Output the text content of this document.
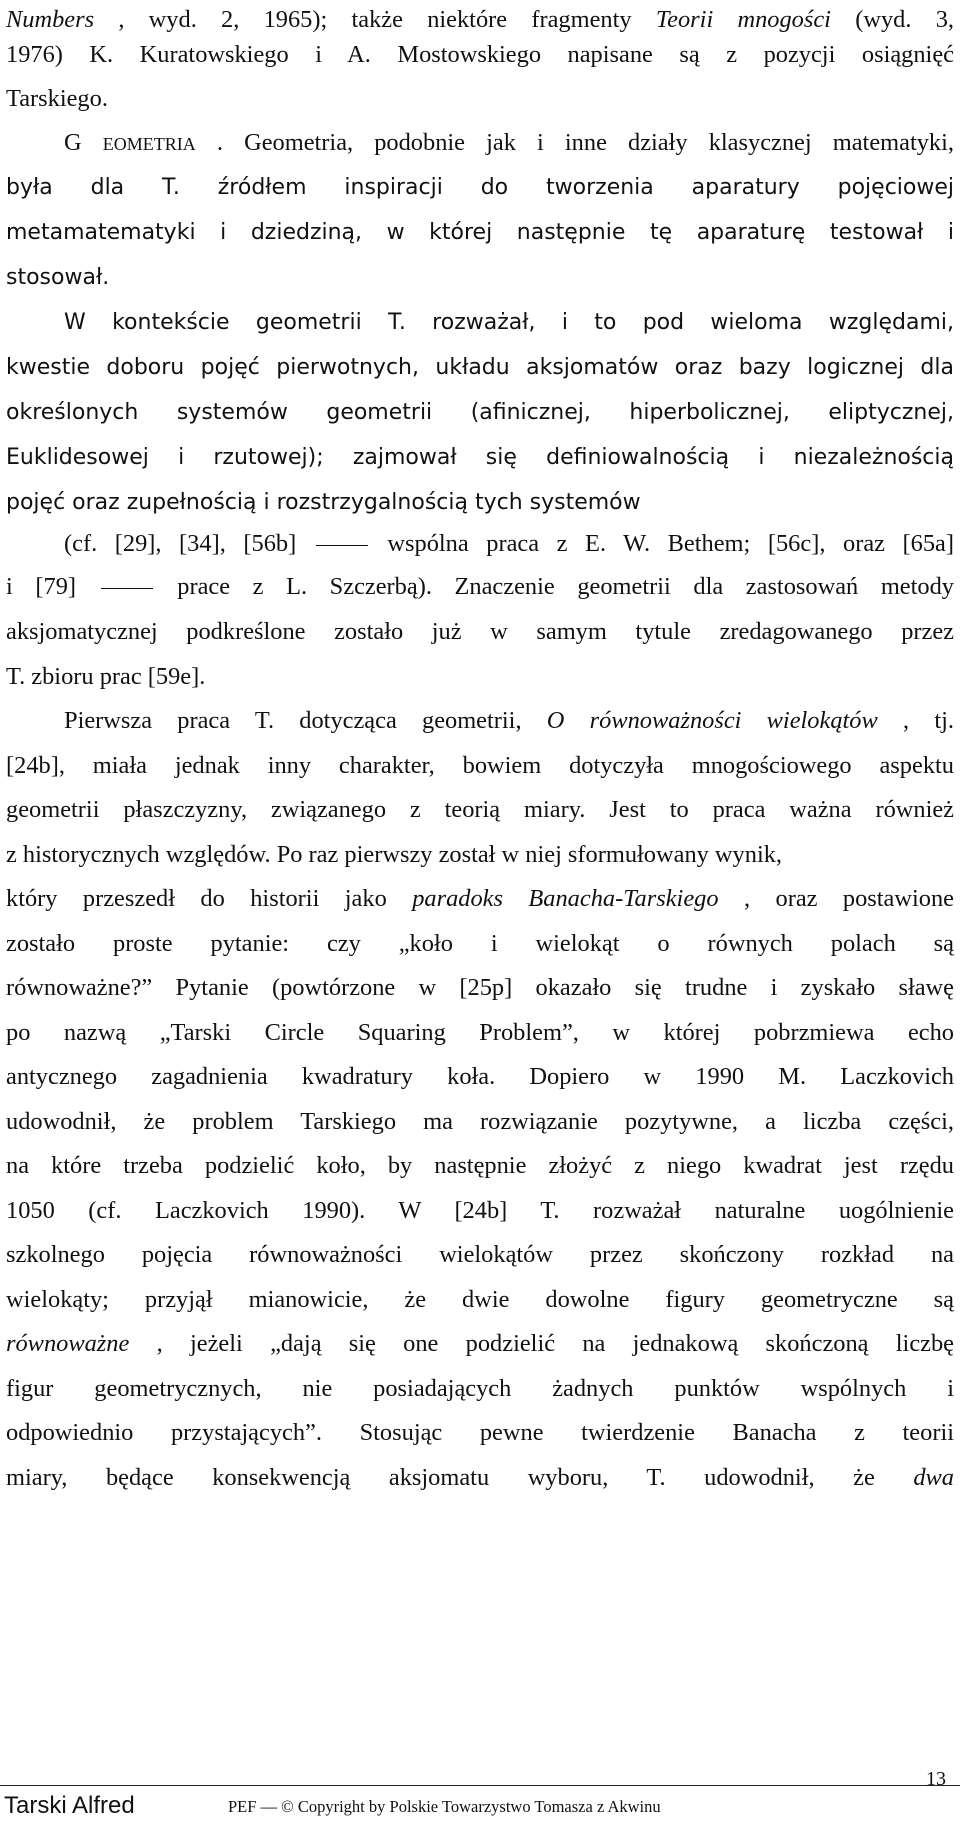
Numbers , wyd. 2, 1965); także niektóre fragmenty Teorii mnogości (wyd. 3,
1976) K. Kuratowskiego i A. Mostowskiego napisane są z pozycji osiągnięć
Tarskiego.
G EOMETRIA . Geometria, podobnie jak i inne działy klasycznej matematyki,
była dla T. źródłem inspiracji do tworzenia aparatury pojęciowej
metamatematyki i dziedziną, w której następnie tę aparaturę testował i
stosował.
W kontekście geometrii T. rozważał, i to pod wieloma względami,
kwestie doboru pojęć pierwotnych, układu aksjomatów oraz bazy logicznej dla
określonych systemów geometrii (afinicznej, hiperbolicznej, eliptycznej,
Euklidesowej i rzutowej); zajmował się definiowalnością i niezależnością
pojęć oraz zupełnością i rozstrzygalnością tych systemów
(cf. [29], [34], [56b]	wspólna praca z E. W. Bethem; [56c], oraz [65a]
i [79]	prace z L. Szczerbą). Znaczenie geometrii dla zastosowań metody
aksjomatycznej podkreślone zostało już w samym tytule zredagowanego przez
T. zbioru prac [59e].
Pierwsza praca T. dotycząca geometrii, O równoważności wielokątów , tj.
[24b], miała jednak inny charakter, bowiem dotyczyła mnogościowego aspektu
geometrii płaszczyzny, związanego z teorią miary. Jest to praca ważna również
z historycznych względów. Po raz pierwszy został w niej sformułowany wynik,
który przeszedł do historii jako paradoks Banacha-Tarskiego , oraz postawione
zostało proste pytanie: czy „koło i wielokąt o równych polach są
równoważne?” Pytanie (powtórzone w [25p] okazało się trudne i zyskało sławę
po nazwą „Tarski Circle Squaring Problem”, w której pobrzmiewa echo
antycznego zagadnienia kwadratury koła. Dopiero w 1990 M. Laczkovich
udowodnił, że problem Tarskiego ma rozwiązanie pozytywne, a liczba części,
na które trzeba podzielić koło, by następnie złożyć z niego kwadrat jest rzędu
1050 (cf. Laczkovich 1990). W [24b] T. rozważał naturalne uogólnienie
szkolnego pojęcia równoważności wielokątów przez skończony rozkład na
wielokąty; przyjął mianowicie, że dwie dowolne figury geometryczne są
równoważne , jeżeli „dają się one podzielić na jednakową skończoną liczbę
figur geometrycznych, nie posiadających żadnych punktów wspólnych i
odpowiednio przystających”. Stosując pewne twierdzenie Banacha z teorii
miary, będące konsekwencją aksjomatu wyboru, T. udowodnił, że dwa
Tarski Alfred	PEF — © Copyright by Polskie Towarzystwo Tomasza z Akwinu
13
